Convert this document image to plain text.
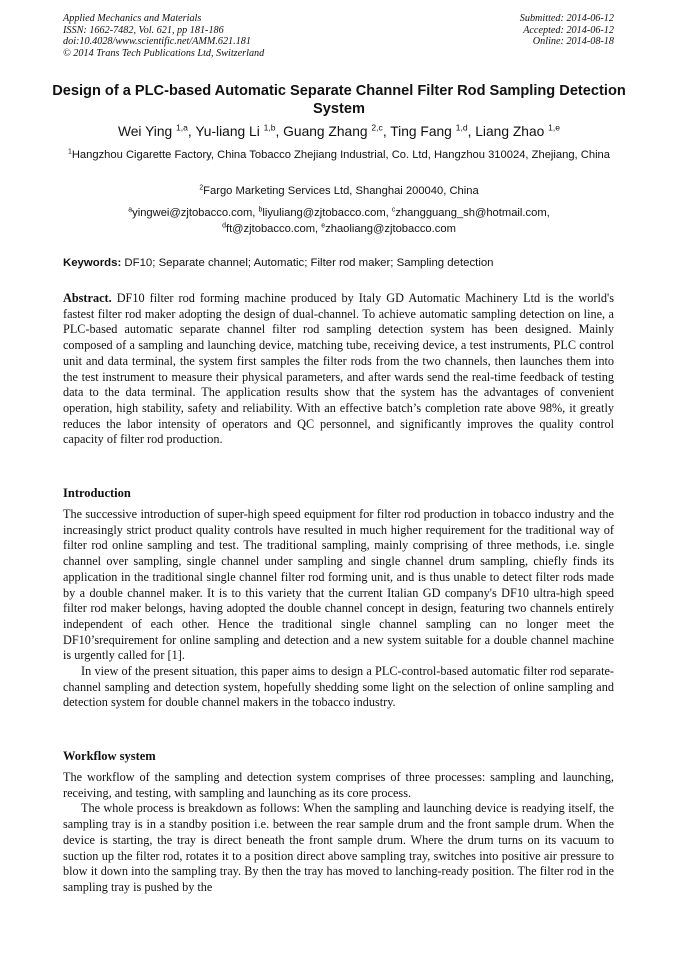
Applied Mechanics and Materials
ISSN: 1662-7482, Vol. 621, pp 181-186
doi:10.4028/www.scientific.net/AMM.621.181
© 2014 Trans Tech Publications Ltd, Switzerland
Submitted: 2014-06-12
Accepted: 2014-06-12
Online: 2014-08-18
Design of a PLC-based Automatic Separate Channel Filter Rod Sampling Detection System
Wei Ying $^{1,a}$, Yu-liang Li $^{1,b}$, Guang Zhang $^{2,c}$, Ting Fang $^{1,d}$, Liang Zhao $^{1,e}$
$^1$Hangzhou Cigarette Factory, China Tobacco Zhejiang Industrial, Co. Ltd, Hangzhou 310024, Zhejiang, China
$^2$Fargo Marketing Services Ltd, Shanghai 200040, China
$^a$yingwei@zjtobacco.com, $^b$liyuliang@zjtobacco.com, $^c$zhangguang_sh@hotmail.com,
$^d$ft@zjtobacco.com, $^e$zhaoliang@zjtobacco.com
Keywords: DF10; Separate channel; Automatic; Filter rod maker; Sampling detection

Abstract. DF10 filter rod forming machine produced by Italy GD Automatic Machinery Ltd is the world's fastest filter rod maker adopting the design of dual-channel. To achieve automatic sampling detection on line, a PLC-based automatic separate channel filter rod sampling detection system has been designed. Mainly composed of a sampling and launching device, matching tube, receiving device, a test instruments, PLC control unit and data terminal, the system first samples the filter rods from the two channels, then launches them into the test instrument to measure their physical parameters, and after wards send the real-time feedback of testing data to the data terminal. The application results show that the system has the advantages of convenient operation, high stability, safety and reliability. With an effective batch’s completion rate above 98%, it greatly reduces the labor intensity of operators and QC personnel, and significantly improves the quality control capacity of filter rod production.

Introduction

The successive introduction of super-high speed equipment for filter rod production in tobacco industry and the increasingly strict product quality controls have resulted in much higher requirement for the traditional way of filter rod online sampling and test. The traditional sampling, mainly comprising of three methods, i.e. single channel over sampling, single channel under sampling and single channel drum sampling, chiefly finds its application in the traditional single channel filter rod forming unit, and is thus unable to detect filter rods made by a double channel maker. It is to this variety that the current Italian GD company's DF10 ultra-high speed filter rod maker belongs, having adopted the double channel concept in design, featuring two channels entirely independent of each other. Hence the traditional single channel sampling can no longer meet the DF10’srequirement for online sampling and detection and a new system suitable for a double channel machine is urgently called for [1].

In view of the present situation, this paper aims to design a PLC-control-based automatic filter rod separate-channel sampling and detection system, hopefully shedding some light on the selection of online sampling and detection system for double channel makers in the tobacco industry.

Workflow system

The workflow of the sampling and detection system comprises of three processes: sampling and launching, receiving, and testing, with sampling and launching as its core process.

The whole process is breakdown as follows: When the sampling and launching device is readying itself, the sampling tray is in a standby position i.e. between the rear sample drum and the front sample drum. When the device is starting, the tray is direct beneath the front sample drum. Where the drum turns on its vacuum to suction up the filter rod, rotates it to a position direct above sampling tray, switches into positive air pressure to blow it down into the sampling tray. By then the tray has moved to lanching-ready position. The filter rod in the sampling tray is pushed by the
